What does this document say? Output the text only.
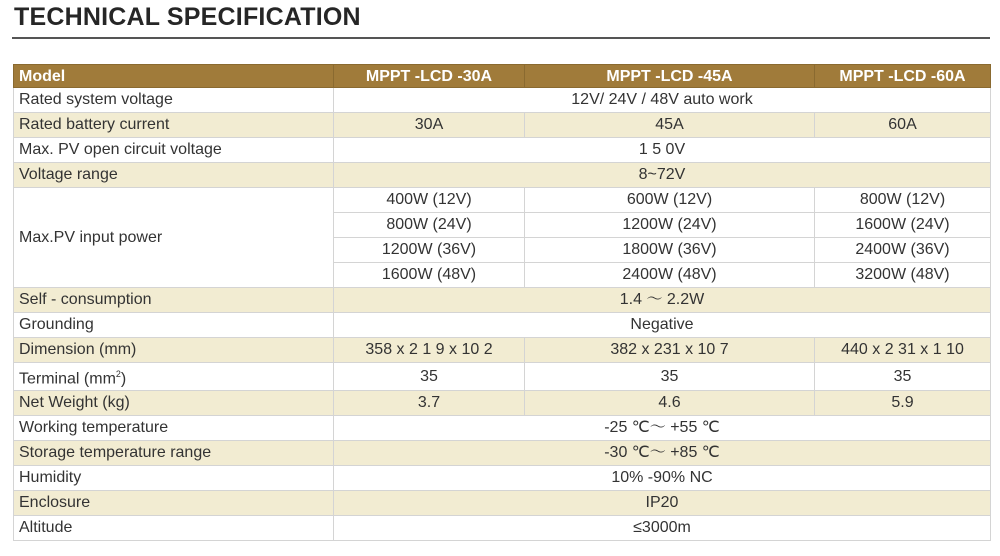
TECHNICAL SPECIFICATION
Model	MPPT -LCD -30A	MPPT -LCD -45A	MPPT -LCD -60A
Rated system voltage	12V/ 24V / 48V auto work		
Rated battery current	30A	45A	60A
Max. PV open circuit voltage	1 5 0V		
Voltage range	8~72V		
Max.PV input power	400W (12V)	600W (12V)	800W (12V)
	800W (24V)	1200W (24V)	1600W (24V)
	1200W (36V)	1800W (36V)	2400W (36V)
	1600W (48V)	2400W (48V)	3200W (48V)
Self - consumption	1.4 ～ 2.2W		
Grounding	Negative		
Dimension (mm)	358 x 2 1 9 x 10 2	382 x 231 x 10 7	440 x 2 31 x 1 10
Terminal $(mm^2)$	35	35	35
Net Weight (kg)	3.7	4.6	5.9
Working temperature	-25 ℃～ +55 ℃		
Storage temperature range	-30 ℃～ +85 ℃		
Humidity	10% -90% NC		
Enclosure	IP20		
Altitude	≤3000m		
